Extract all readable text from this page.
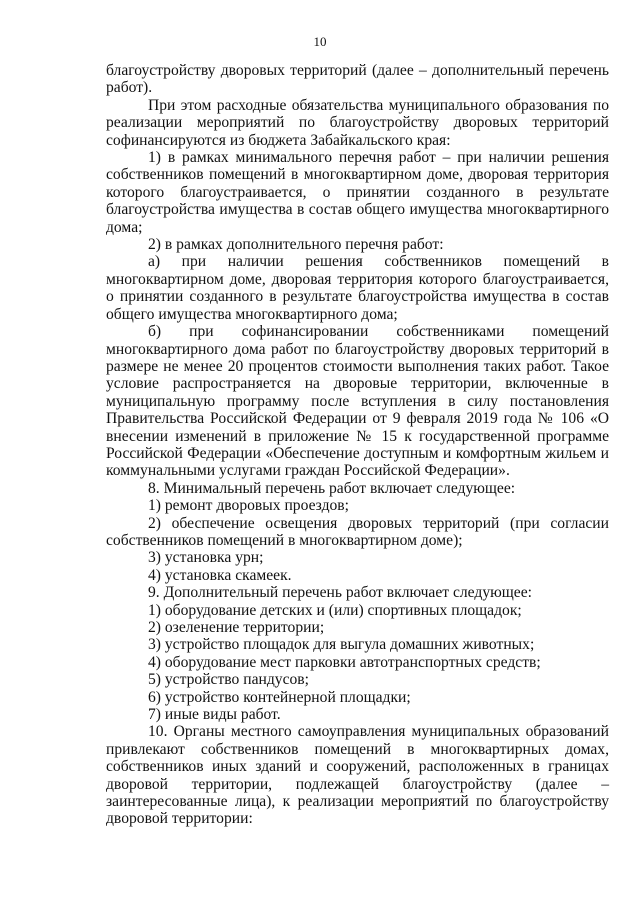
10

благоустройству дворовых территорий (далее – дополнительный перечень работ).

При этом расходные обязательства муниципального образования по реализации мероприятий по благоустройству дворовых территорий софинансируются из бюджета Забайкальского края:

1) в рамках минимального перечня работ – при наличии решения собственников помещений в многоквартирном доме, дворовая территория которого благоустраивается, о принятии созданного в результате благоустройства имущества в состав общего имущества многоквартирного дома;

2) в рамках дополнительного перечня работ:

а) при наличии решения собственников помещений в многоквартирном доме, дворовая территория которого благоустраивается, о принятии созданного в результате благоустройства имущества в состав общего имущества многоквартирного дома;

б) при софинансировании собственниками помещений многоквартирного дома работ по благоустройству дворовых территорий в размере не менее 20 процентов стоимости выполнения таких работ. Такое условие распространяется на дворовые территории, включенные в муниципальную программу после вступления в силу постановления Правительства Российской Федерации от 9 февраля 2019 года № 106 «О внесении изменений в приложение № 15 к государственной программе Российской Федерации «Обеспечение доступным и комфортным жильем и коммунальными услугами граждан Российской Федерации».

8. Минимальный перечень работ включает следующее:

1) ремонт дворовых проездов;

2) обеспечение освещения дворовых территорий (при согласии собственников помещений в многоквартирном доме);

3) установка урн;

4) установка скамеек.

9. Дополнительный перечень работ включает следующее:

1) оборудование детских и (или) спортивных площадок;

2) озеленение территории;

3) устройство площадок для выгула домашних животных;

4) оборудование мест парковки автотранспортных средств;

5) устройство пандусов;

6) устройство контейнерной площадки;

7) иные виды работ.

10. Органы местного самоуправления муниципальных образований привлекают собственников помещений в многоквартирных домах, собственников иных зданий и сооружений, расположенных в границах дворовой территории, подлежащей благоустройству (далее – заинтересованные лица), к реализации мероприятий по благоустройству дворовой территории:
